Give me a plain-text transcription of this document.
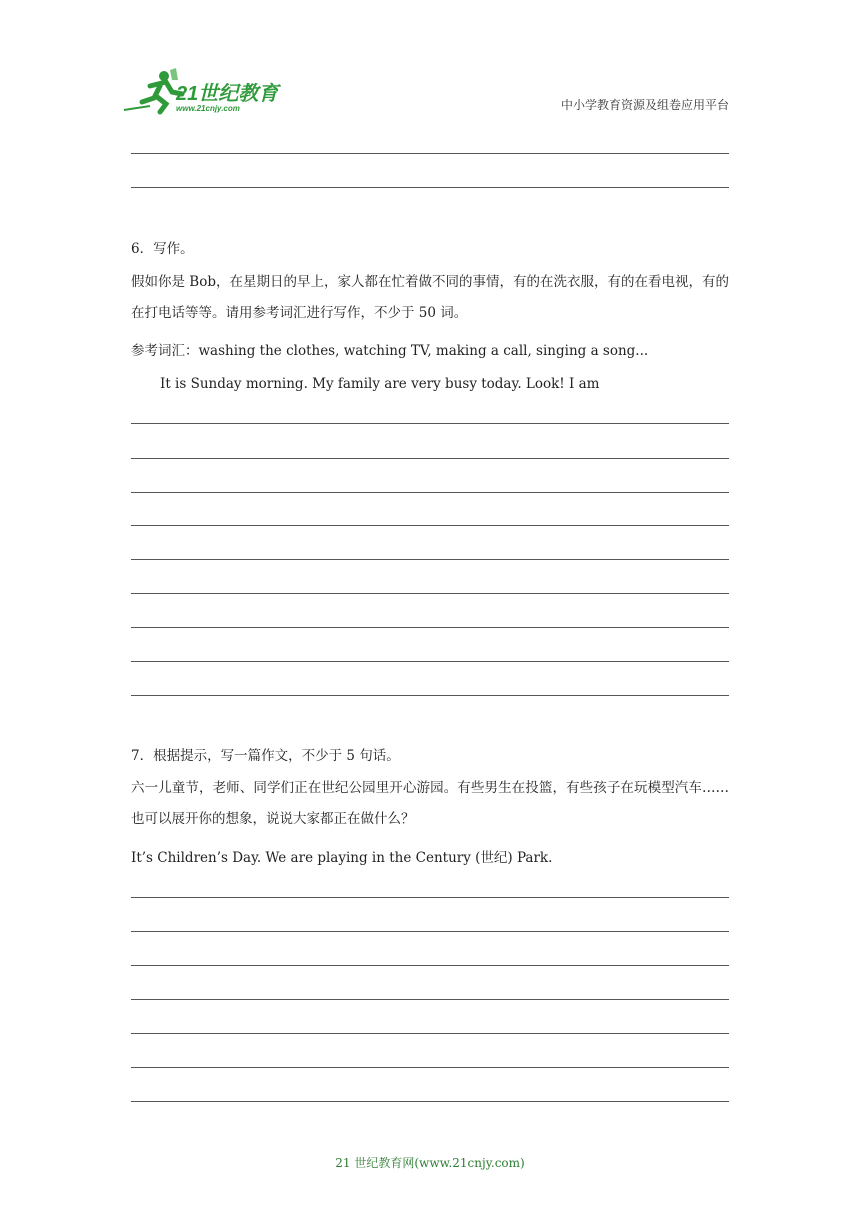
21世纪教育
www.21cnjy.com	中小学教育资源及组卷应用平台
6．写作。
假如你是 Bob，在星期日的早上，家人都在忙着做不同的事情，有的在洗衣服，有的在看电视，有的在打电话等等。请用参考词汇进行写作，不少于 50 词。
参考词汇：washing the clothes, watching TV, making a call, singing a song...
It is Sunday morning. My family are very busy today. Look! I am
7．根据提示，写一篇作文，不少于 5 句话。
六一儿童节，老师、同学们正在世纪公园里开心游园。有些男生在投篮，有些孩子在玩模型汽车……也可以展开你的想象，说说大家都正在做什么？
It’s Children’s Day. We are playing in the Century (世纪) Park.
21 世纪教育网(www.21cnjy.com)
